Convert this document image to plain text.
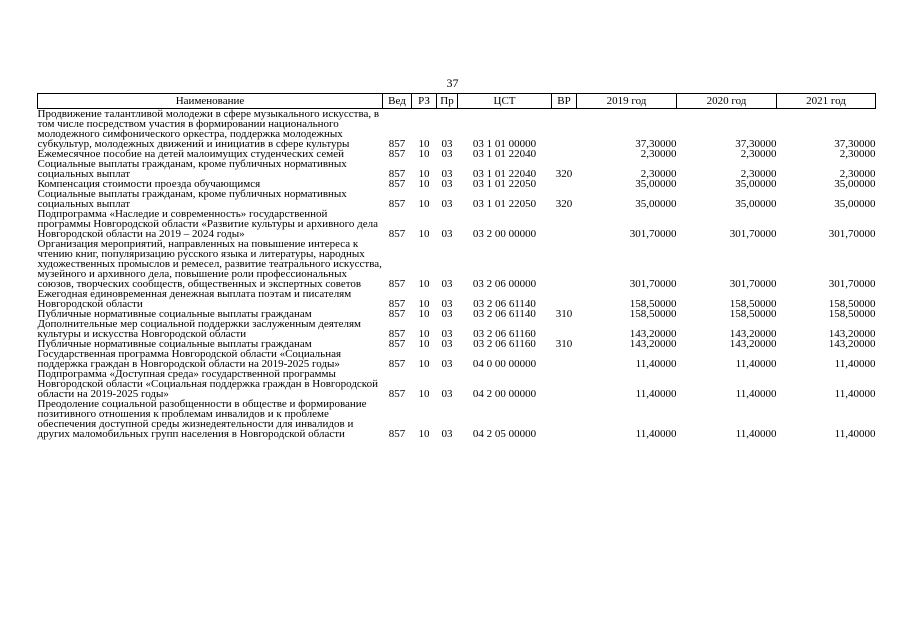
37
Наименование	Вед	РЗ	Пр	ЦСТ	ВР	2019 год	2020 год	2021 год
Продвижение талантливой молодежи в сфере музыкального искусства, в том числе посредством участия в формировании национального молодежного симфонического оркестра, поддержка молодежных субкультур, молодежных движений и инициатив в сфере культуры	857	10	03	03 1 01 00000		37,30000	37,30000	37,30000
Ежемесячное пособие на детей малоимущих студенческих семей	857	10	03	03 1 01 22040		2,30000	2,30000	2,30000
Социальные выплаты гражданам, кроме публичных нормативных социальных выплат	857	10	03	03 1 01 22040	320	2,30000	2,30000	2,30000
Компенсация стоимости проезда обучающимся	857	10	03	03 1 01 22050		35,00000	35,00000	35,00000
Социальные выплаты гражданам, кроме публичных нормативных социальных выплат	857	10	03	03 1 01 22050	320	35,00000	35,00000	35,00000
Подпрограмма «Наследие и современность» государственной программы Новгородской области «Развитие культуры и архивного дела Новгородской области на 2019 – 2024 годы»	857	10	03	03 2 00 00000		301,70000	301,70000	301,70000
Организация мероприятий, направленных на повышение интереса к чтению книг, популяризацию русского языка и литературы, народных художественных промыслов и ремесел, развитие театрального искусства, музейного и архивного дела, повышение роли профессиональных союзов, творческих сообществ, общественных и экспертных советов	857	10	03	03 2 06 00000		301,70000	301,70000	301,70000
Ежегодная единовременная денежная выплата поэтам и писателям Новгородской области	857	10	03	03 2 06 61140		158,50000	158,50000	158,50000
Публичные нормативные социальные выплаты гражданам	857	10	03	03 2 06 61140	310	158,50000	158,50000	158,50000
Дополнительные мер социальной поддержки заслуженным деятелям культуры и искусства Новгородской области	857	10	03	03 2 06 61160		143,20000	143,20000	143,20000
Публичные нормативные социальные выплаты гражданам	857	10	03	03 2 06 61160	310	143,20000	143,20000	143,20000
Государственная программа Новгородской области «Социальная поддержка граждан в Новгородской области на 2019-2025 годы»	857	10	03	04 0 00 00000		11,40000	11,40000	11,40000
Подпрограмма «Доступная среда» государственной программы Новгородской области «Социальная поддержка граждан в Новгородской области на 2019-2025 годы»	857	10	03	04 2 00 00000		11,40000	11,40000	11,40000
Преодоление социальной разобщенности в обществе и формирование позитивного отношения к проблемам инвалидов и к проблеме обеспечения доступной среды жизнедеятельности для инвалидов и других маломобильных групп населения в Новгородской области	857	10	03	04 2 05 00000		11,40000	11,40000	11,40000
